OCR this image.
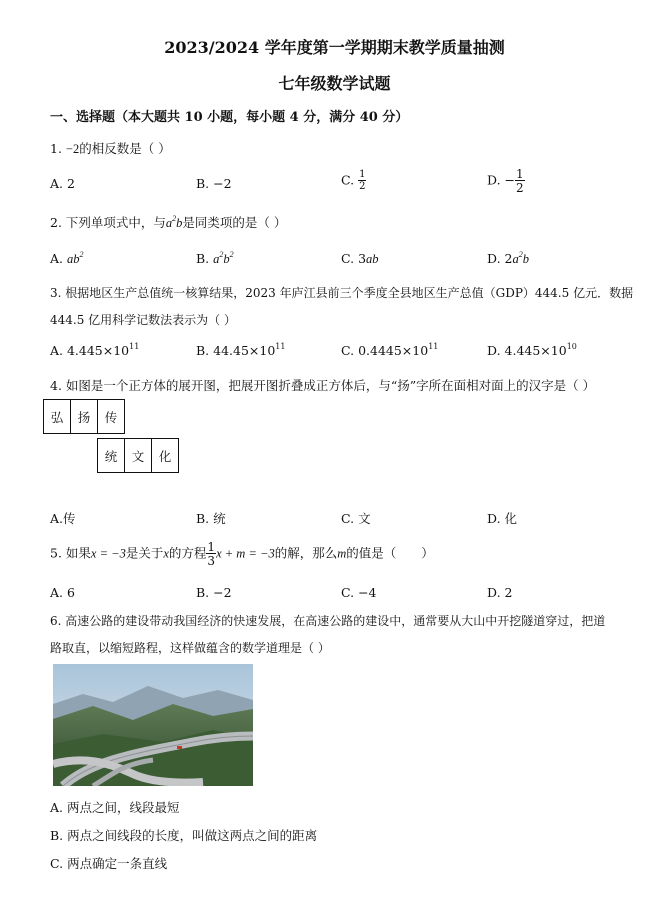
2023/2024 学年度第一学期期末教学质量抽测
七年级数学试题
一、选择题（本大题共 10 小题，每小题 4 分，满分 40 分）
1. −2的相反数是（ ）
A. 2	B. −2	C. $\frac{1}{2}$	D. − $\frac{1}{2}$
2. 下列单项式中，与$a^2b$是同类项的是（ ）
A. $ab^2$	B. $a^2b^2$	C. 3ab	D. $2a^2b$
3. 根据地区生产总值统一核算结果，2023 年庐江县前三个季度全县地区生产总值（GDP）444.5 亿元．数据
444.5 亿用科学记数法表示为（ ）
A. $4.445\times 10^{11}$	B. $44.45\times 10^{11}$	C. $0.4445\times 10^{11}$	D. $4.445\times 10^{10}$
4. 如图是一个正方体的展开图，把展开图折叠成正方体后，与“扬”字所在面相对面上的汉字是（ ）
弘	扬	传
统	文	化
A.传	B. 统	C. 文	D. 化
5. 如果x = −3是关于x的方程 $\frac{1}{3}$ x + m = −3的解，那么m的值是（　　）
A. 6	B. −2	C. −4	D. 2
6. 高速公路的建设带动我国经济的快速发展，在高速公路的建设中，通常要从大山中开挖隧道穿过，把道
路取直，以缩短路程，这样做蕴含的数学道理是（ ）
A. 两点之间，线段最短
B. 两点之间线段的长度，叫做这两点之间的距离
C. 两点确定一条直线
